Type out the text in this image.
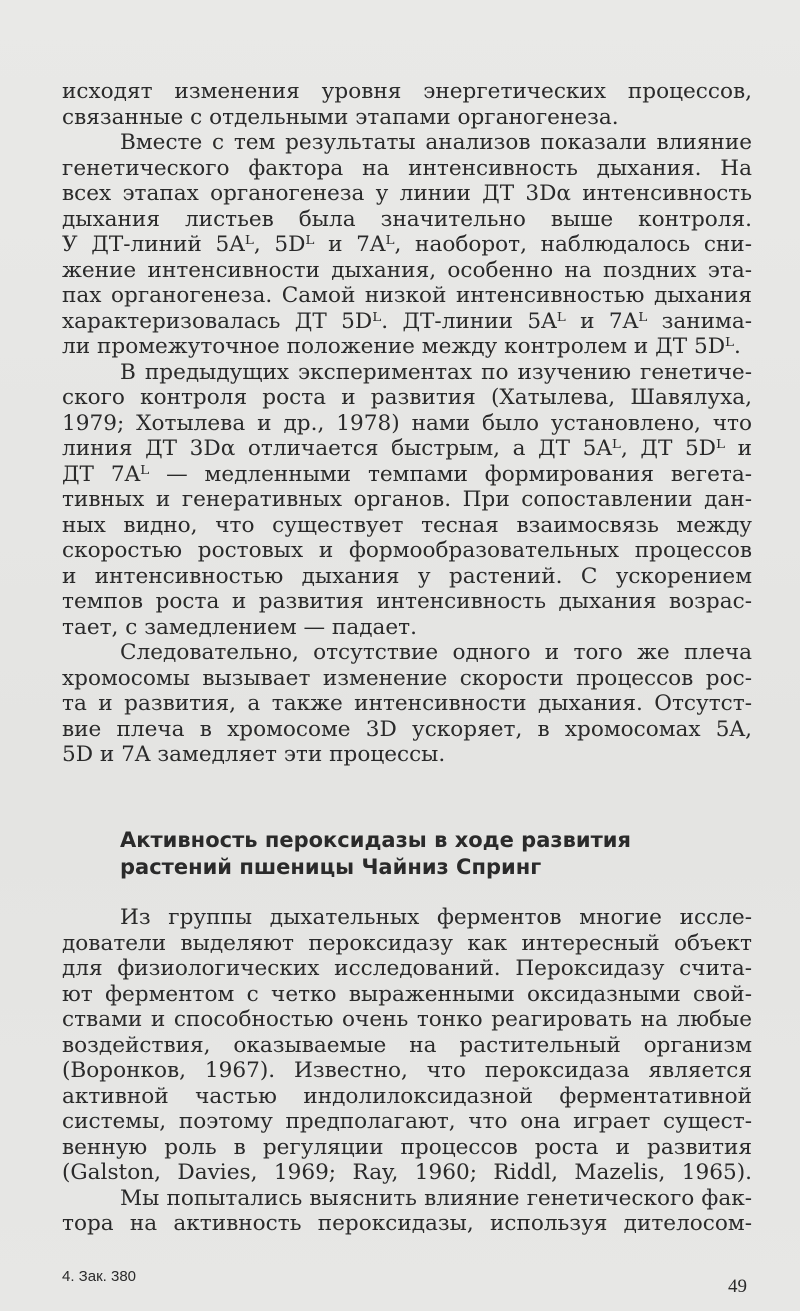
исходят изменения уровня энергетических процессов,
связанные с отдельными этапами органогенеза.
Вместе с тем результаты анализов показали влияние
генетического фактора на интенсивность дыхания. На
всех этапах органогенеза у линии ДТ 3Dα интенсивность
дыхания листьев была значительно выше контроля.
У ДТ-линий 5Aᴸ, 5Dᴸ и 7Aᴸ, наоборот, наблюдалось сни-
жение интенсивности дыхания, особенно на поздних эта-
пах органогенеза. Самой низкой интенсивностью дыхания
характеризовалась ДТ 5Dᴸ. ДТ-линии 5Aᴸ и 7Aᴸ занима-
ли промежуточное положение между контролем и ДТ 5Dᴸ.
В предыдущих экспериментах по изучению генетиче-
ского контроля роста и развития (Хатылева, Шавялуха,
1979; Хотылева и др., 1978) нами было установлено, что
линия ДТ 3Dα отличается быстрым, а ДТ 5Aᴸ, ДТ 5Dᴸ и
ДТ 7Aᴸ — медленными темпами формирования вегета-
тивных и генеративных органов. При сопоставлении дан-
ных видно, что существует тесная взаимосвязь между
скоростью ростовых и формообразовательных процессов
и интенсивностью дыхания у растений. С ускорением
темпов роста и развития интенсивность дыхания возрас-
тает, с замедлением — падает.
Следовательно, отсутствие одного и того же плеча
хромосомы вызывает изменение скорости процессов рос-
та и развития, а также интенсивности дыхания. Отсутст-
вие плеча в хромосоме 3D ускоряет, в хромосомах 5A,
5D и 7A замедляет эти процессы.
Активность пероксидазы в ходе развития
растений пшеницы Чайниз Спринг
Из группы дыхательных ферментов многие иссле-
дователи выделяют пероксидазу как интересный объект
для физиологических исследований. Пероксидазу счита-
ют ферментом с четко выраженными оксидазными свой-
ствами и способностью очень тонко реагировать на любые
воздействия, оказываемые на растительный организм
(Воронков, 1967). Известно, что пероксидаза является
активной частью индолилоксидазной ферментативной
системы, поэтому предполагают, что она играет сущест-
венную роль в регуляции процессов роста и развития
(Galston, Davies, 1969; Ray, 1960; Riddl, Mazelis, 1965).
Мы попытались выяснить влияние генетического фак-
тора на активность пероксидазы, используя дителосом-
4. Зак. 380	49
